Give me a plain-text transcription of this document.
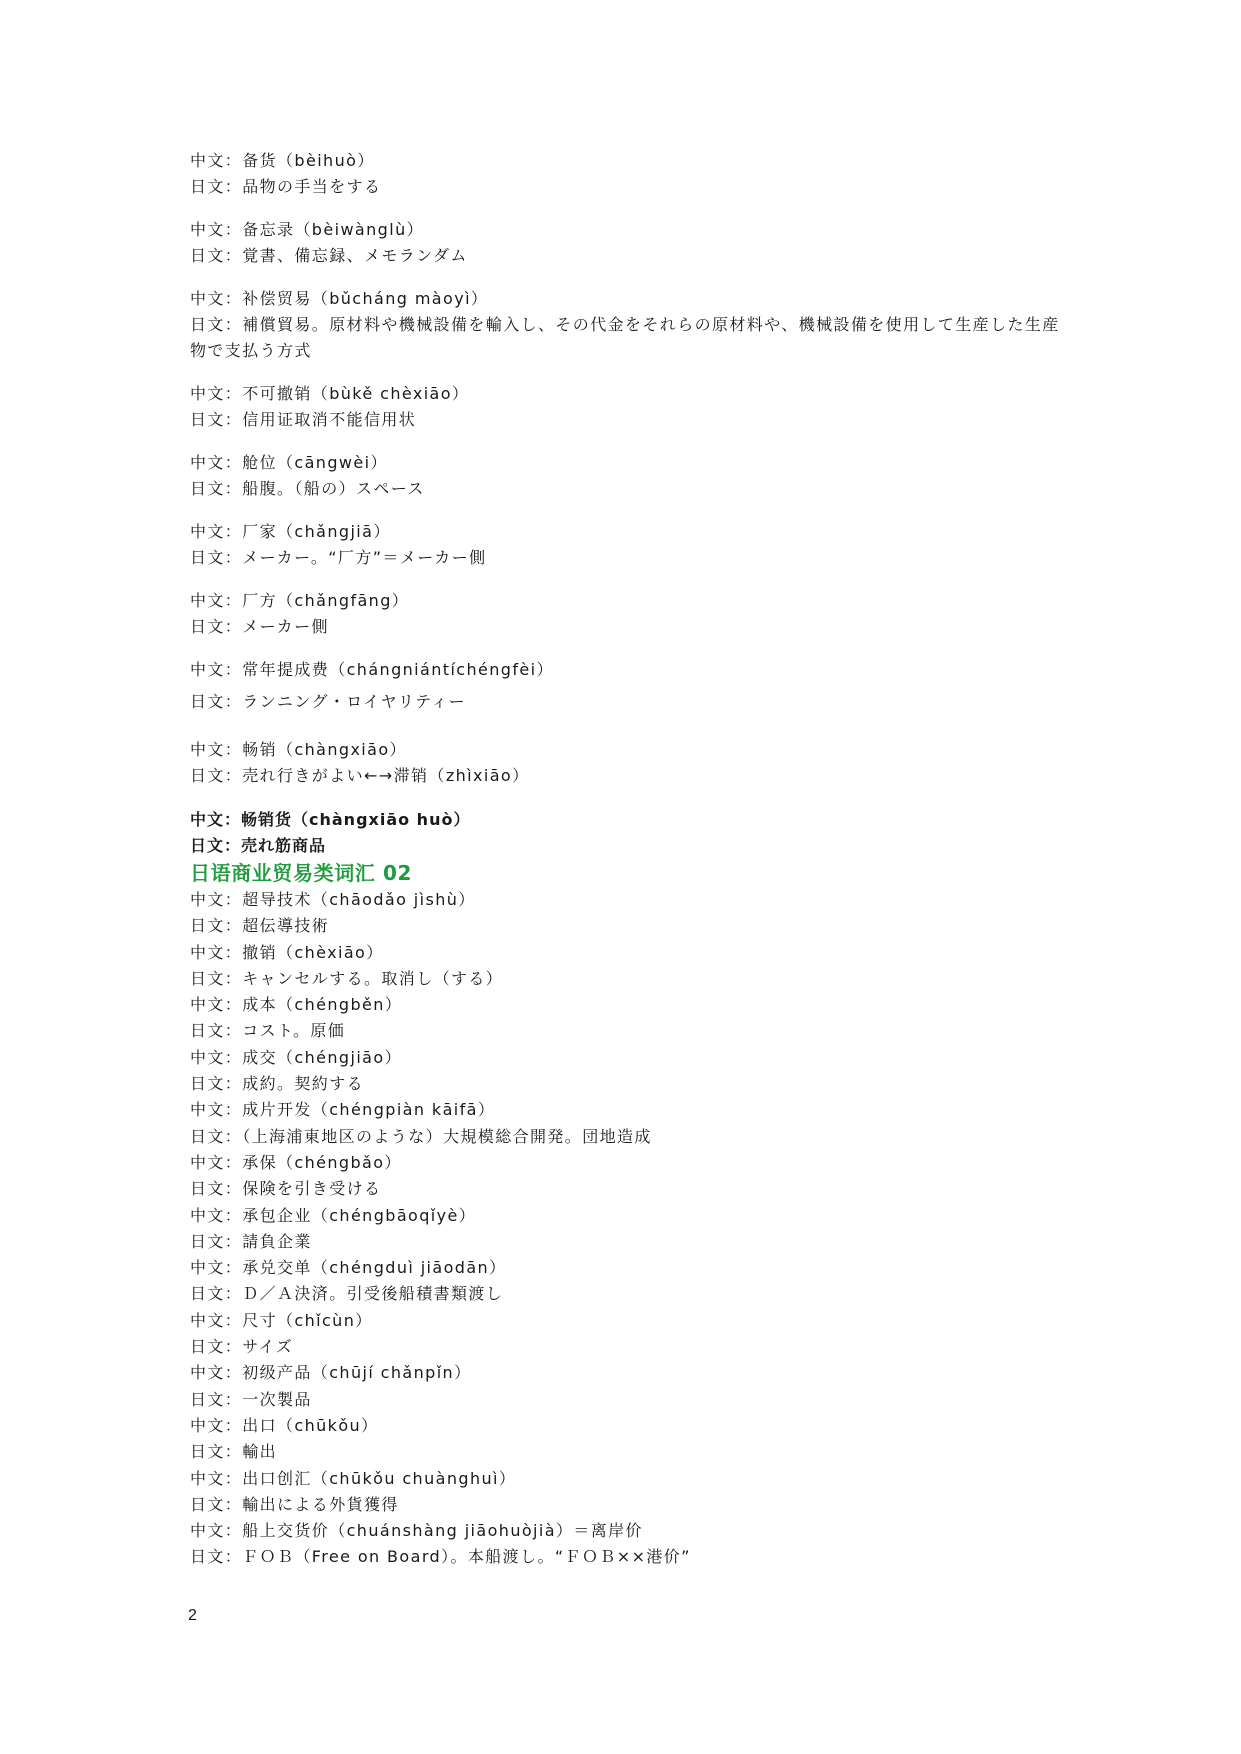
中文：备货（bèihuò）
日文：品物の手当をする
中文：备忘录（bèiwànglù）
日文：覚書、備忘録、メモランダム
中文：补偿贸易（bǔcháng màoyì）
日文：補償貿易。原材料や機械設備を輸入し、その代金をそれらの原材料や、機械設備を使用して生産した生産物で支払う方式
中文：不可撤销（bùkě chèxiāo）
日文：信用证取消不能信用状
中文：舱位（cāngwèi）
日文：船腹。（船の）スペース
中文：厂家（chǎngjiā）
日文：メーカー。“厂方”＝メーカー側
中文：厂方（chǎngfāng）
日文：メーカー側
中文：常年提成费（chángniántíchéngfèi）
日文：ランニング・ロイヤリティー
中文：畅销（chàngxiāo）
日文：売れ行きがよい←→滞销（zhìxiāo）
中文：畅销货（chàngxiāo huò）
日文：売れ筋商品
日语商业贸易类词汇 02
中文：超导技术（chāodǎo jìshù）
日文：超伝導技術
中文：撤销（chèxiāo）
日文：キャンセルする。取消し（する）
中文：成本（chéngběn）
日文：コスト。原価
中文：成交（chéngjiāo）
日文：成約。契約する
中文：成片开发（chéngpiàn kāifā）
日文：（上海浦東地区のような）大規模総合開発。団地造成
中文：承保（chéngbǎo）
日文：保険を引き受ける
中文：承包企业（chéngbāoqǐyè）
日文：請負企業
中文：承兑交单（chéngduì jiāodān）
日文：Ｄ／Ａ決済。引受後船積書類渡し
中文：尺寸（chǐcùn）
日文：サイズ
中文：初级产品（chūjí chǎnpǐn）
日文：一次製品
中文：出口（chūkǒu）
日文：輸出
中文：出口创汇（chūkǒu chuànghuì）
日文：輸出による外貨獲得
中文：船上交货价（chuánshàng jiāohuòjià）＝离岸价
日文：ＦＯＢ（Free on Board）。本船渡し。“ＦＯＢ××港价”
2
